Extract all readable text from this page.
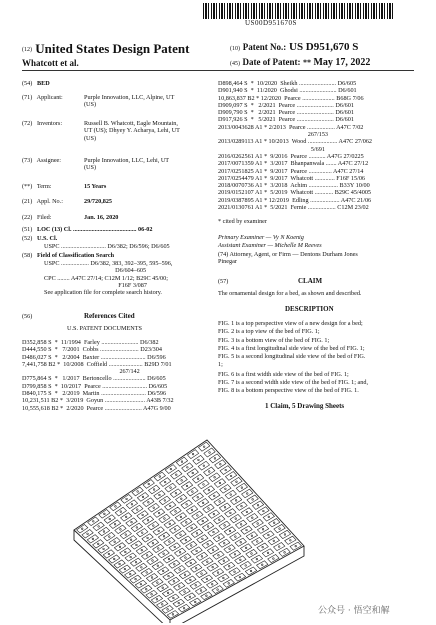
US00D951670S
(12) United States Design Patent	(10) Patent No.: US D951,670 S
Whatcott et al.	(45) Date of Patent: ** May 17, 2022
(54) BED
(71) Applicant:	Purple Innovation, LLC, Alpine, UT
(US)
(72) Inventors:	Russell B. Whatcott, Eagle Mountain,
UT (US); Dhyey Y. Acharya, Lehi, UT
(US)
(73) Assignee:	Purple Innovation, LLC, Lehi, UT
(US)
(**) Term:	15 Years
(21) Appl. No.:	29/720,825
(22) Filed:	Jan. 16, 2020
(51) LOC (13) Cl. ......................................... 06-02
(52) U.S. Cl.
USPC ............................. D6/382; D6/596; D6/605
(58) Field of Classification Search
USPC .................. D6/382, 383, 392–395, 595–596,
D6/604–605
CPC ........ A47C 27/14; C12M 1/12; B29C 45/00;
F16F 3/087
See application file for complete search history.
(56)	References Cited
U.S. PATENT DOCUMENTS
D352,858 S  *  11/1994  Farley ........................ D6/382
D444,550 S  *   7/2001  Cobbs ......................... D23/304
D486,027 S  *   2/2004  Baxter ............................. D6/596
7,441,758 B2 *  10/2008  Coffield ...................... B29D 7/01
267/142
D775,864 S  *   1/2017  Bertoncello ..................... D6/605
D799,858 S  *  10/2017  Pearce ............................. D6/605
D840,175 S  *   2/2019  Martin ............................. D6/596
10,231,511 B2 *  3/2019  Goyun .......................... A43B 7/32
10,555,618 B2 *  2/2020  Pearce ........................ A47G 9/00
D898,464 S  *  10/2020  Sheikh ........................ D6/605
D901,940 S  *  11/2020  Ghodsi ........................ D6/601
10,863,837 B2 * 12/2020  Pearce ..................... B68G 7/06
D909,097 S  *   2/2021  Pearce ........................ D6/601
D909,790 S  *   2/2021  Pearce ........................ D6/601
D917,926 S  *   5/2021  Pearce ........................ D6/601
2013/0043628 A1 * 2/2013  Pearce .................. A47C 7/02
267/153
2013/0289113 A1 * 10/2013  Wood ................... A47C 27/062
5/691
2016/0262561 A1 *  9/2016  Pearce ........... A47G 27/0225
2017/0071359 A1 *  3/2017  Bhanpanwala ....... A47C 27/12
2017/0251825 A1 *  9/2017  Pearce ............... A47C 27/14
2017/0254479 A1 *  9/2017  Whatcott ............. F16F 15/06
2018/0070736 A1 *  3/2018  Achim ................... B33Y 10/00
2019/0152107 A1 *  5/2019  Whatcott ............ B29C 45/4005
2019/0387895 A1 * 12/2019  Edling ................... A47C 21/06
2021/0130761 A1 *  5/2021  Fernie .................. C12M 23/02
* cited by examiner
Primary Examiner — Vy N Koenig
Assistant Examiner — Michelle M Reeves
(74) Attorney, Agent, or Firm — Dentons Durham Jones
Pinegar
(57)	CLAIM
The ornamental design for a bed, as shown and described.
DESCRIPTION
FIG. 1 is a top perspective view of a new design for a bed;
FIG. 2 is a top view of the bed of FIG. 1;
FIG. 3 is a bottom view of the bed of FIG. 1;
FIG. 4 is a first longitudinal side view of the bed of FIG. 1;
FIG. 5 is a second longitudinal side view of the bed of FIG.
1;
FIG. 6 is a first width side view of the bed of FIG. 1;
FIG. 7 is a second width side view of the bed of FIG. 1; and,
FIG. 8 is a bottom perspective view of the bed of FIG. 1.
1 Claim, 5 Drawing Sheets
公众号 · 悟空和解
